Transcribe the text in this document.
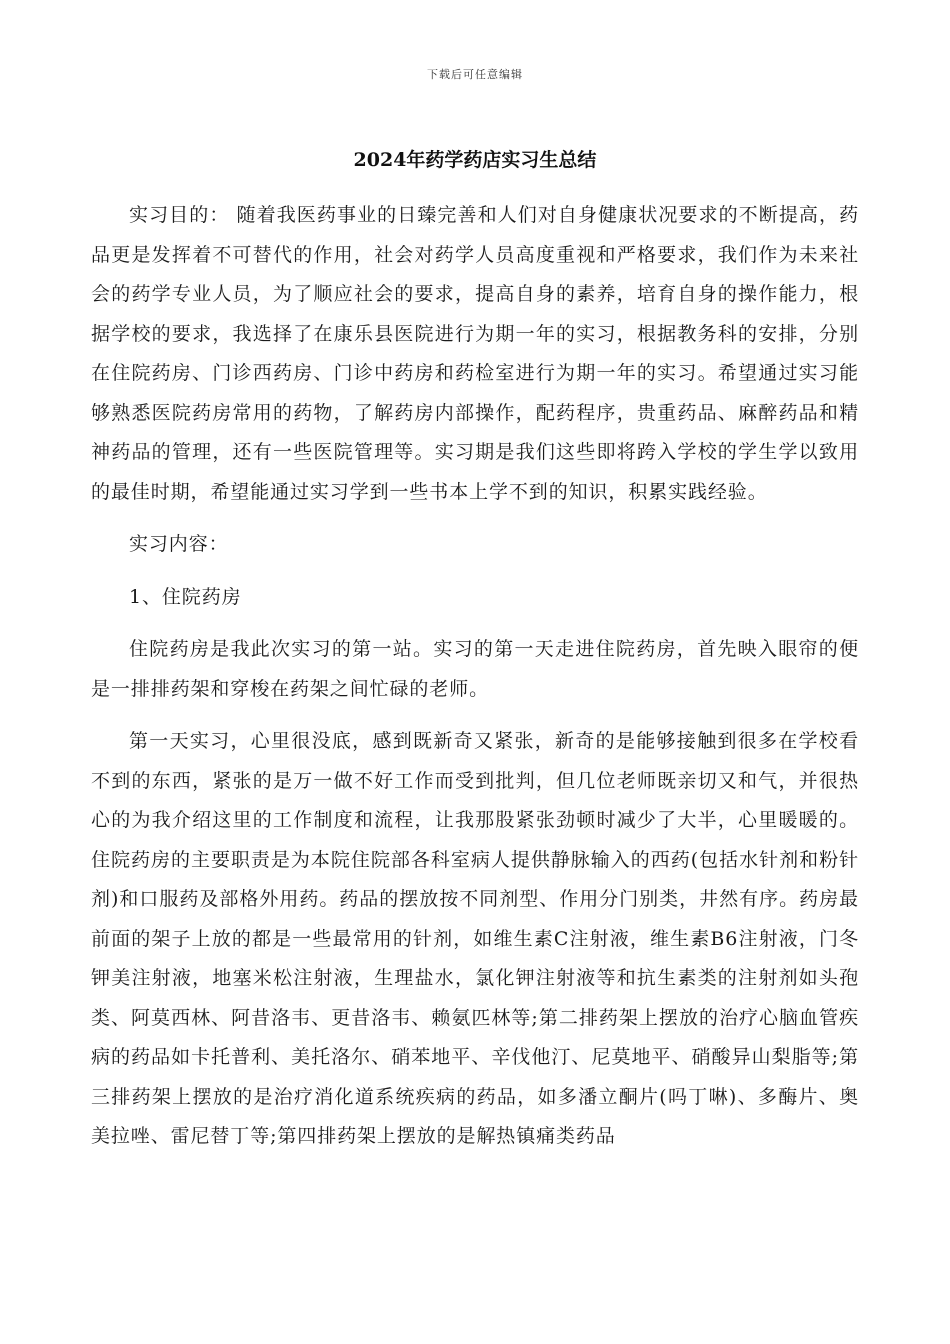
下载后可任意编辑
2024年药学药店实习生总结

实习目的： 随着我医药事业的日臻完善和人们对自身健康状况要求的不断提高，药品更是发挥着不可替代的作用，社会对药学人员高度重视和严格要求，我们作为未来社会的药学专业人员，为了顺应社会的要求，提高自身的素养，培育自身的操作能力，根据学校的要求，我选择了在康乐县医院进行为期一年的实习，根据教务科的安排，分别在住院药房、门诊西药房、门诊中药房和药检室进行为期一年的实习。希望通过实习能够熟悉医院药房常用的药物，了解药房内部操作，配药程序，贵重药品、麻醉药品和精神药品的管理，还有一些医院管理等。实习期是我们这些即将跨入学校的学生学以致用的最佳时期，希望能通过实习学到一些书本上学不到的知识，积累实践经验。

实习内容：

1、住院药房

住院药房是我此次实习的第一站。实习的第一天走进住院药房，首先映入眼帘的便是一排排药架和穿梭在药架之间忙碌的老师。

第一天实习，心里很没底，感到既新奇又紧张，新奇的是能够接触到很多在学校看不到的东西，紧张的是万一做不好工作而受到批判，但几位老师既亲切又和气，并很热心的为我介绍这里的工作制度和流程，让我那股紧张劲顿时减少了大半，心里暖暖的。 住院药房的主要职责是为本院住院部各科室病人提供静脉输入的西药(包括水针剂和粉针剂)和口服药及部格外用药。药品的摆放按不同剂型、作用分门别类，井然有序。药房最前面的架子上放的都是一些最常用的针剂，如维生素C注射液，维生素B6注射液，门冬钾美注射液，地塞米松注射液，生理盐水，氯化钾注射液等和抗生素类的注射剂如头孢类、阿莫西林、阿昔洛韦、更昔洛韦、赖氨匹林等;第二排药架上摆放的治疗心脑血管疾病的药品如卡托普利、美托洛尔、硝苯地平、辛伐他汀、尼莫地平、硝酸异山梨脂等;第三排药架上摆放的是治疗消化道系统疾病的药品，如多潘立酮片(吗丁啉)、多酶片、奥美拉唑、雷尼替丁等;第四排药架上摆放的是解热镇痛类药品
